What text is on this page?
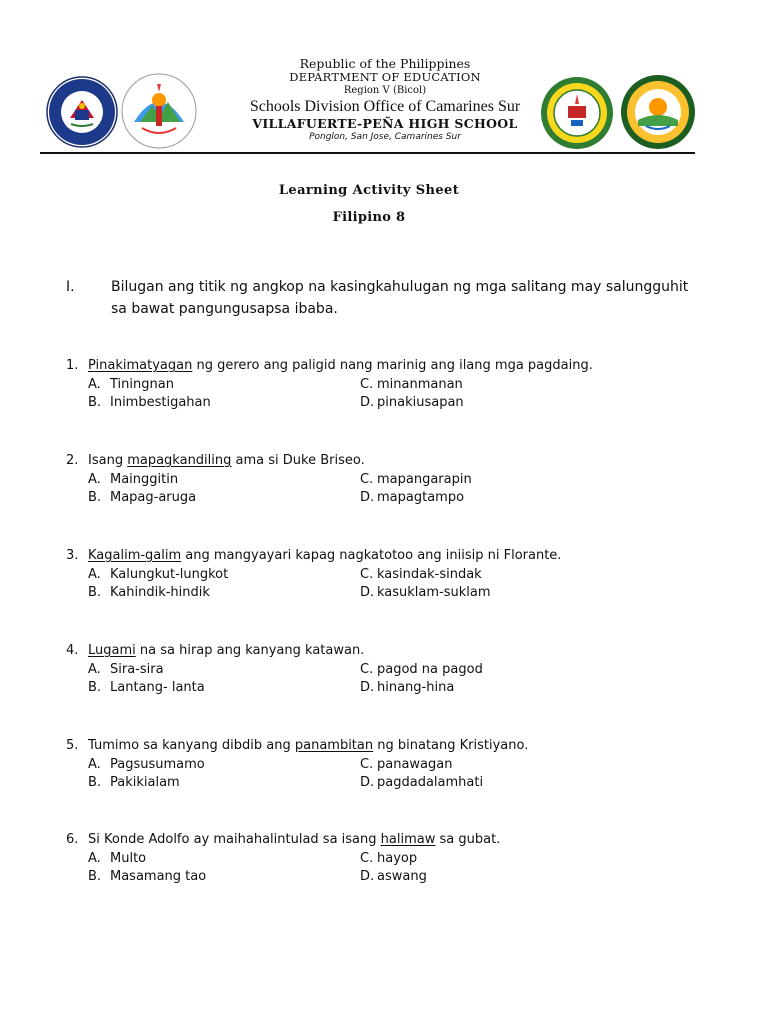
Republic of the Philippines
DEPARTMENT OF EDUCATION
Region V (Bicol)
Schools Division Office of Camarines Sur
VILLAFUERTE-PEÑA HIGH SCHOOL
Ponglon, San Jose, Camarines Sur
Learning Activity Sheet
Filipino 8
I.	Bilugan ang titik ng angkop na kasingkahulugan ng mga salitang may salungguhit sa bawat pangungusapsa ibaba.
1. Pinakimatyagan ng gerero ang paligid nang marinig ang ilang mga pagdaing.
A. Tiningnan
B. Inimbestigahan
C. minanmanan
D. pinakiusapan
2. Isang mapagkandiling ama si Duke Briseo.
A. Mainggitin
B. Mapag-aruga
C. mapangarapin
D. mapagtampo
3. Kagalim-galim ang mangyayari kapag nagkatotoo ang iniisip ni Florante.
A. Kalungkut-lungkot
B. Kahindik-hindik
C. kasindak-sindak
D. kasuklam-suklam
4. Lugami na sa hirap ang kanyang katawan.
A. Sira-sira
B. Lantang- lanta
C. pagod na pagod
D. hinang-hina
5. Tumimo sa kanyang dibdib ang panambitan ng binatang Kristiyano.
A. Pagsusumamo
B. Pakikialam
C. panawagan
D. pagdadalamhati
6. Si Konde Adolfo ay maihahalintulad sa isang halimaw sa gubat.
A. Multo
B. Masamang tao
C. hayop
D. aswang
